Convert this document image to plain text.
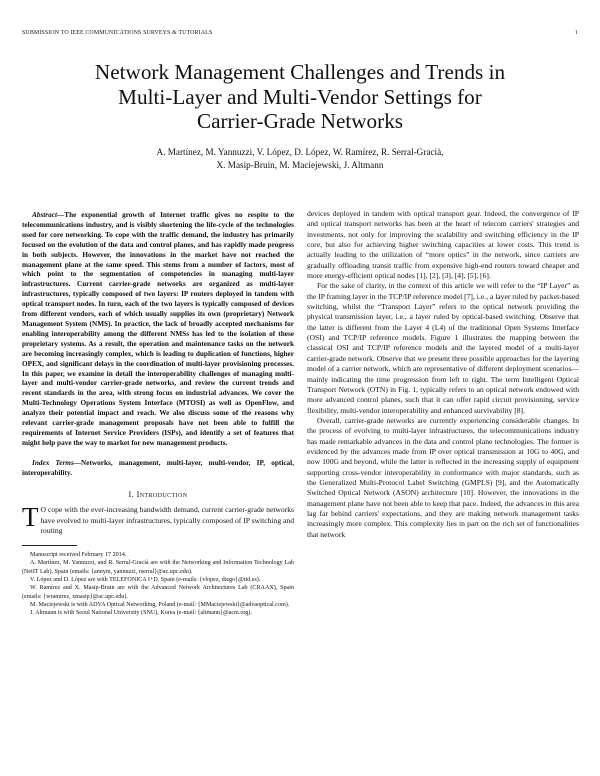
SUBMISSION TO IEEE COMMUNICATIONS SURVEYS & TUTORIALS	1
Network Management Challenges and Trends in
Multi-Layer and Multi-Vendor Settings for
Carrier-Grade Networks
A. Martínez, M. Yannuzzi, V. López, D. López, W. Ramírez, R. Serral-Gracià,
X. Masip-Bruin, M. Maciejewski, J. Altmann

Abstract—The exponential growth of Internet traffic gives no respite to the telecommunications industry, and is visibly shortening the life-cycle of the technologies used for core networking. To cope with the traffic demand, the industry has primarily focused on the evolution of the data and control planes, and has rapidly made progress in both subjects. However, the innovations in the market have not reached the management plane at the same speed. This stems from a number of factors, most of which point to the segmentation of competencies in managing multi-layer infrastructures. Current carrier-grade networks are organized as multi-layer infrastructures, typically composed of two layers: IP routers deployed in tandem with optical transport nodes. In turn, each of the two layers is typically composed of devices from different vendors, each of which usually supplies its own (proprietary) Network Management System (NMS). In practice, the lack of broadly accepted mechanisms for enabling interoperability among the different NMSs has led to the isolation of these proprietary systems. As a result, the operation and maintenance tasks on the network are becoming increasingly complex, which is leading to duplication of functions, higher OPEX, and significant delays in the coordination of multi-layer provisioning processes. In this paper, we examine in detail the interoperability challenges of managing multi-layer and multi-vendor carrier-grade networks, and review the current trends and recent standards in the area, with strong focus on industrial advances. We cover the Multi-Technology Operations System Interface (MTOSI) as well as OpenFlow, and analyze their potential impact and reach. We also discuss some of the reasons why relevant carrier-grade management proposals have not been able to fulfill the requirements of Internet Service Providers (ISPs), and identify a set of features that might help pave the way to market for new management products.

Index Terms—Networks, management, multi-layer, multi-vendor, IP, optical, interoperability.

I. Introduction

T O cope with the ever-increasing bandwidth demand, current carrier-grade networks have evolved to multi-layer infrastructures, typically composed of IP switching and routing

Manuscript received February 17 2014.

A. Martínez, M. Yannuzzi, and R. Serral-Gracià are with the Networking and Information Technology Lab (NetIT Lab), Spain (emails: {annym, yannuzzi, rserral}@ac.upc.edu).

V. López and D. López are with TELEFONICA I+D, Spain (e-mails: {vlopez, diego}@tid.es).

W. Ramírez and X. Masip-Bruin are with the Advanced Network Architectures Lab (CRAAX), Spain (emails: {wramirez, xmasip}@ac.upc.edu).

M. Maciejewski is with ADVA Optical Networking, Poland (e-mail: {MMaciejewski}@advaoptical.com).

J. Altmann is with Seoul National University (SNU), Korea (e-mail: {altmann}@acm.org).

devices deployed in tandem with optical transport gear. Indeed, the convergence of IP and optical transport networks has been at the heart of telecom carriers' strategies and investments, not only for improving the scalability and switching efficiency in the IP core, but also for achieving higher switching capacities at lower costs. This trend is actually leading to the utilization of “more optics” in the network, since carriers are gradually offloading transit traffic from expensive high-end routers toward cheaper and more energy-efficient optical nodes [1], [2], [3], [4], [5], [6].

For the sake of clarity, in the context of this article we will refer to the “IP Layer” as the IP framing layer in the TCP/IP reference model [7], i.e., a layer ruled by packet-based switching, whilst the “Transport Layer” refers to the optical network providing the physical transmission layer, i.e., a layer ruled by optical-based switching. Observe that the latter is different from the Layer 4 (L4) of the traditional Open Systems Interface (OSI) and TCP/IP reference models. Figure 1 illustrates the mapping between the classical OSI and TCP/IP reference models and the layered model of a multi-layer carrier-grade network. Observe that we present three possible approaches for the layering model of a carrier network, which are representative of different deployment scenarios—mainly indicating the time progression from left to right. The term Intelligent Optical Transport Network (OTN) in Fig. 1, typically refers to an optical network endowed with more advanced control planes, such that it can offer rapid circuit provisioning, service flexibility, multi-vendor interoperability and enhanced survivability [8].

Overall, carrier-grade networks are currently experiencing considerable changes. In the process of evolving to multi-layer infrastructures, the telecommunications industry has made remarkable advances in the data and control plane technologies. The former is evidenced by the advances made from IP over optical transmission at 10G to 40G, and now 100G and beyond, while the latter is reflected in the increasing supply of equipment supporting cross-vendor interoperability in conformance with major standards, such as the Generalized Multi-Protocol Label Switching (GMPLS) [9], and the Automatically Switched Optical Network (ASON) architecture [10]. However, the innovations in the management plane have not been able to keep that pace. Indeed, the advances in this area lag far behind carriers' expectations, and they are making network management tasks increasingly more complex. This complexity lies in part on the rich set of functionalities that network
